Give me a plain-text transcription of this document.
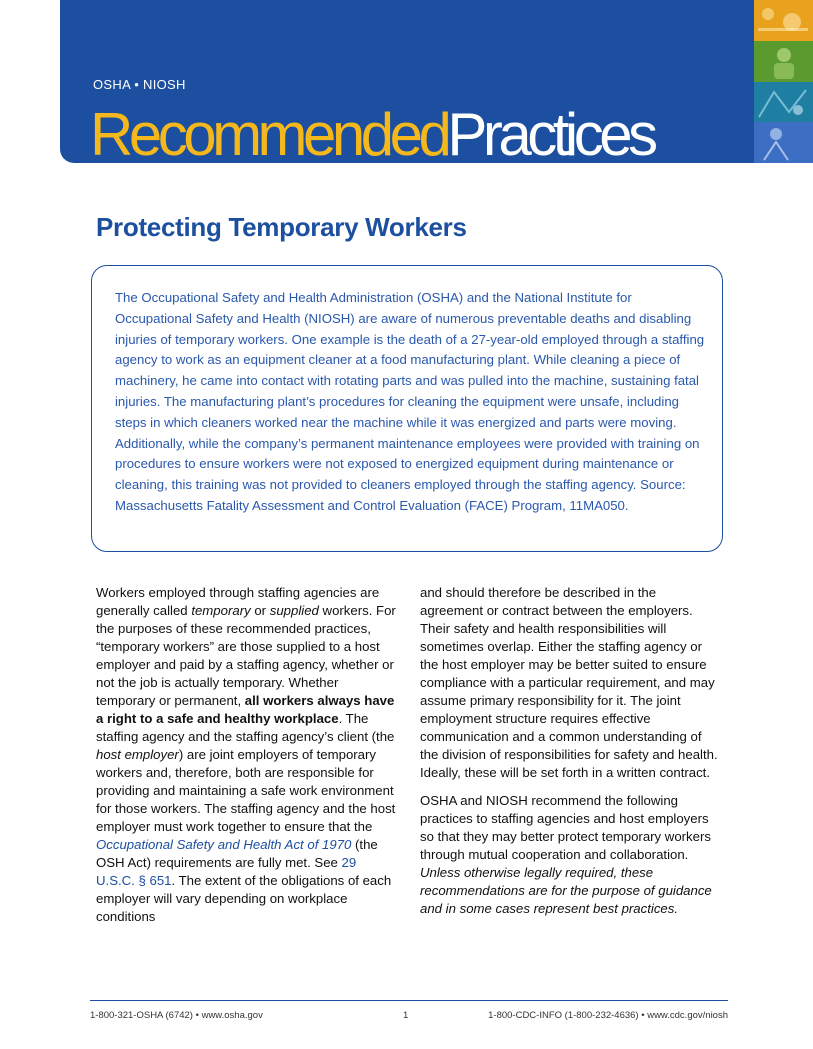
OSHA • NIOSH
RecommendedPractices
Protecting Temporary Workers
The Occupational Safety and Health Administration (OSHA) and the National Institute for Occupational Safety and Health (NIOSH) are aware of numerous preventable deaths and disabling injuries of temporary workers. One example is the death of a 27-year-old employed through a staffing agency to work as an equipment cleaner at a food manufacturing plant. While cleaning a piece of machinery, he came into contact with rotating parts and was pulled into the machine, sustaining fatal injuries. The manufacturing plant’s procedures for cleaning the equipment were unsafe, including steps in which cleaners worked near the machine while it was energized and parts were moving. Additionally, while the company’s permanent maintenance employees were provided with training on procedures to ensure workers were not exposed to energized equipment during maintenance or cleaning, this training was not provided to cleaners employed through the staffing agency. Source: Massachusetts Fatality Assessment and Control Evaluation (FACE) Program, 11MA050.

Workers employed through staffing agencies are generally called temporary or supplied workers. For the purposes of these recommended practices, “temporary workers” are those supplied to a host employer and paid by a staffing agency, whether or not the job is actually temporary. Whether temporary or permanent, all workers always have a right to a safe and healthy workplace. The staffing agency and the staffing agency’s client (the host employer) are joint employers of temporary workers and, therefore, both are responsible for providing and maintaining a safe work environment for those workers. The staffing agency and the host employer must work together to ensure that the Occupational Safety and Health Act of 1970 (the OSH Act) requirements are fully met. See 29 U.S.C. § 651. The extent of the obligations of each employer will vary depending on workplace conditions

and should therefore be described in the agreement or contract between the employers. Their safety and health responsibilities will sometimes overlap. Either the staffing agency or the host employer may be better suited to ensure compliance with a particular requirement, and may assume primary responsibility for it. The joint employment structure requires effective communication and a common understanding of the division of responsibilities for safety and health. Ideally, these will be set forth in a written contract.

OSHA and NIOSH recommend the following practices to staffing agencies and host employers so that they may better protect temporary workers through mutual cooperation and collaboration. Unless otherwise legally required, these recommendations are for the purpose of guidance and in some cases represent best practices.

1-800-321-OSHA (6742) • www.osha.gov	1	1-800-CDC-INFO (1-800-232-4636) • www.cdc.gov/niosh
